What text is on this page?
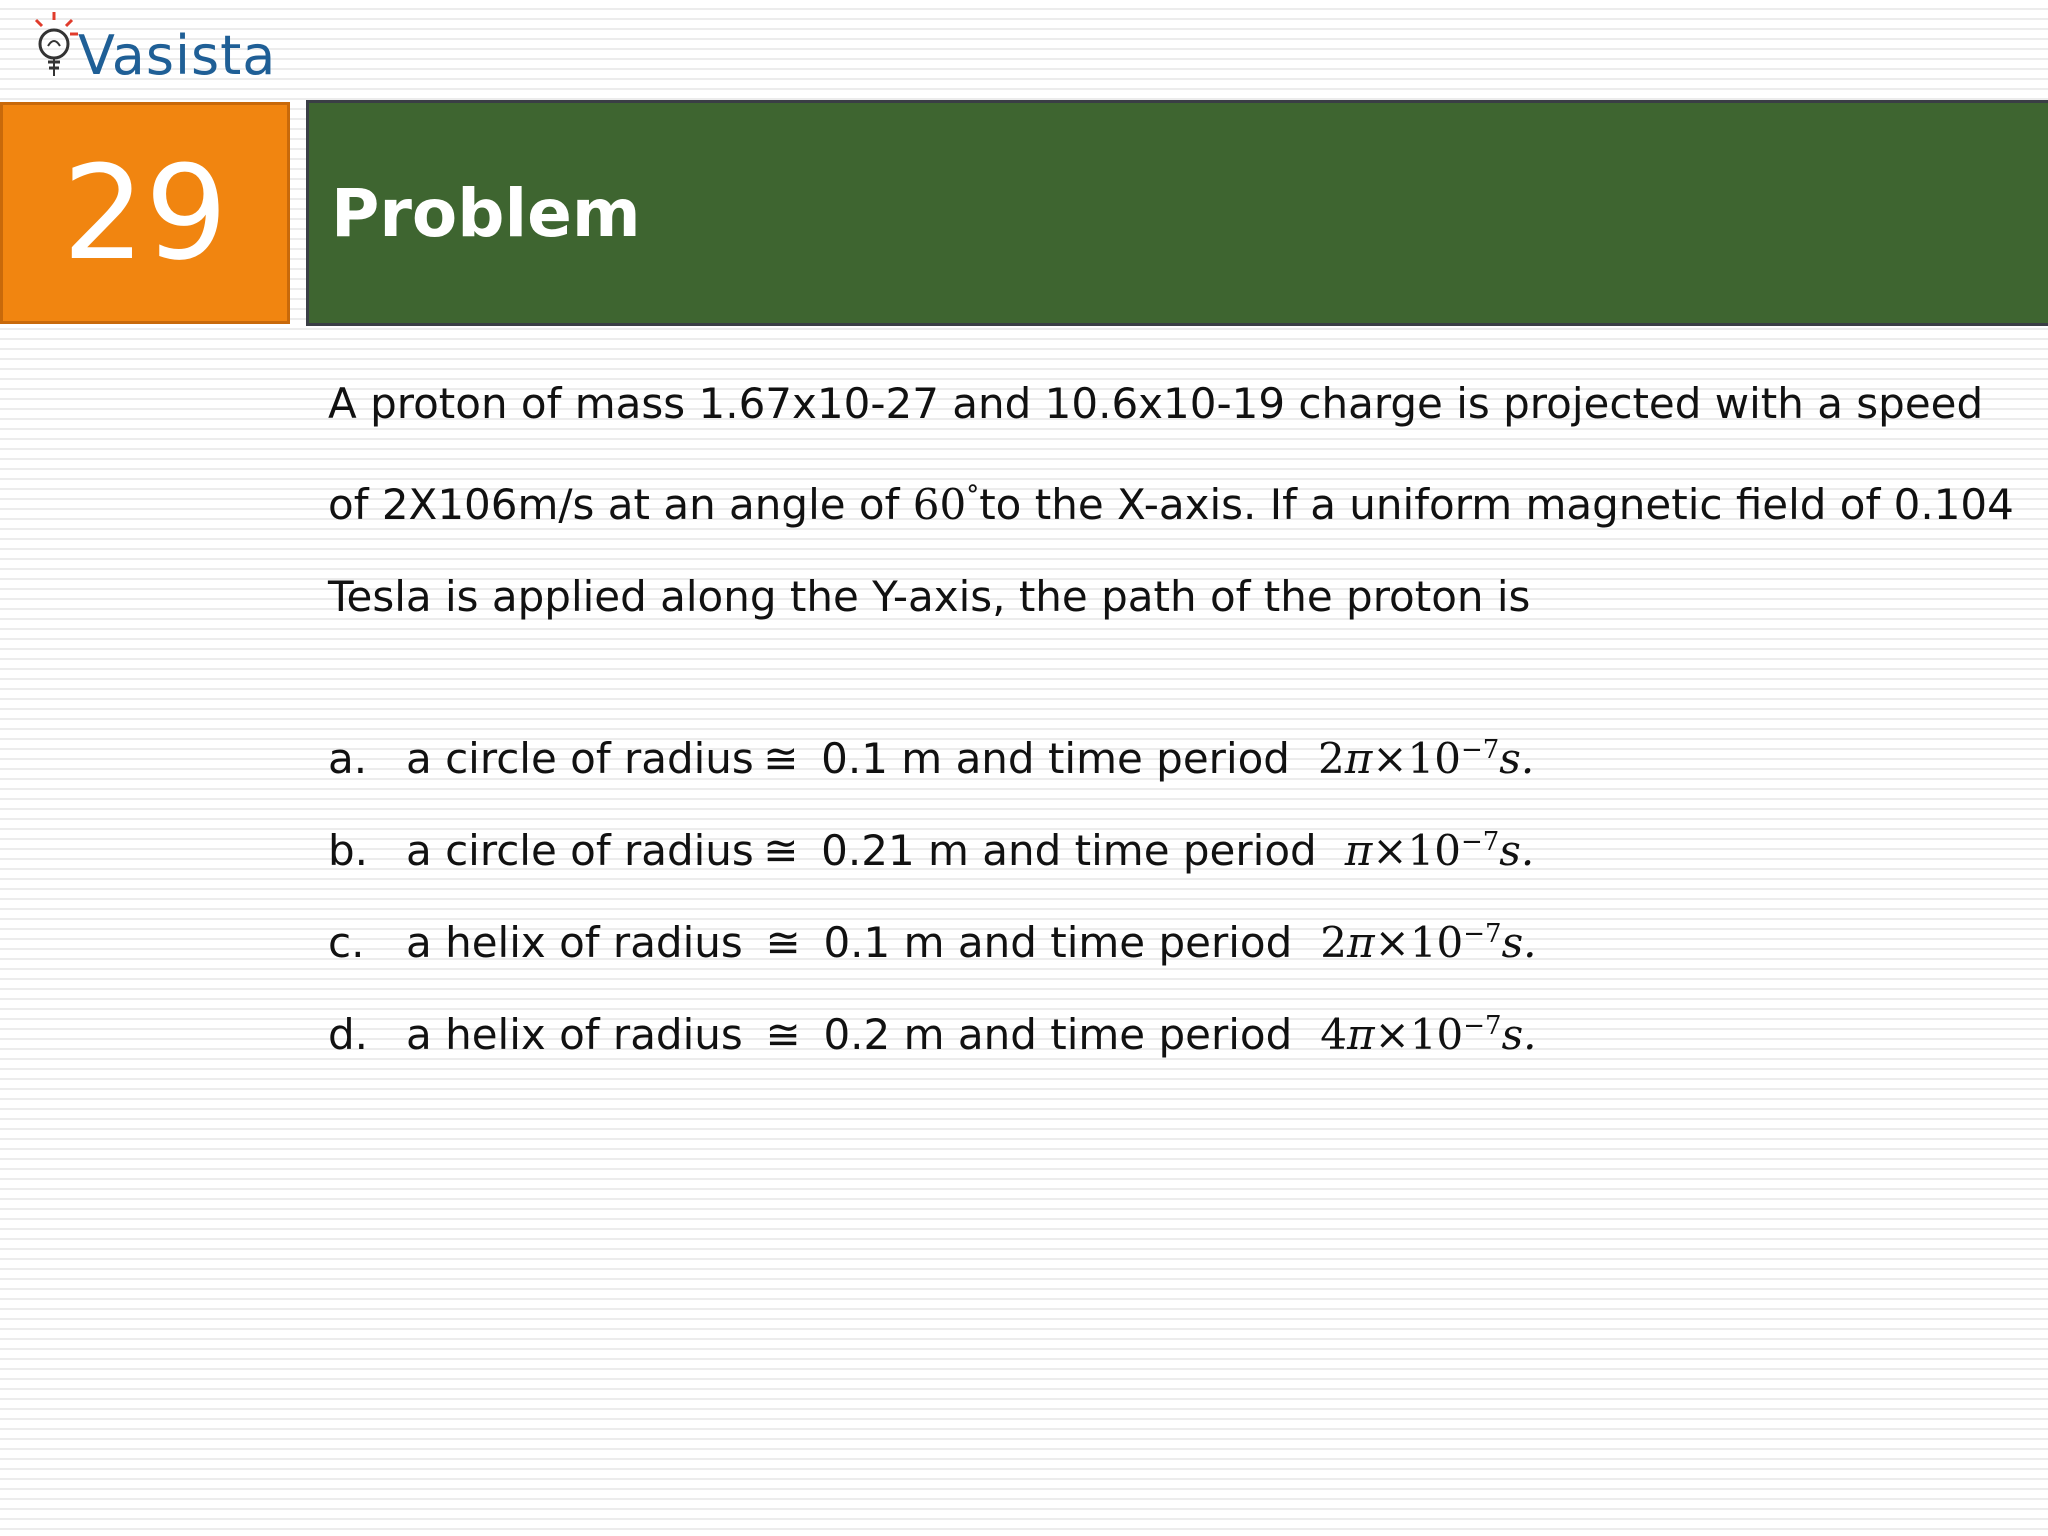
Vasista
29 Problem

A proton of mass 1.67x10-27 and 10.6x10-19 charge is projected with a speed of 2X106m/s at an angle of 60°to the X-axis. If a uniform magnetic field of 0.104 Tesla is applied along the Y-axis, the path of the proton is

a. a circle of radius ≅ 0.1 m and time period $2\pi\times 10^{-7}s$.
b. a circle of radius ≅ 0.21 m and time period $\pi\times 10^{-7}s$.
c. a helix of radius ≅ 0.1 m and time period $2\pi\times 10^{-7}s$.
d. a helix of radius ≅ 0.2 m and time period $4\pi\times 10^{-7}s$.
